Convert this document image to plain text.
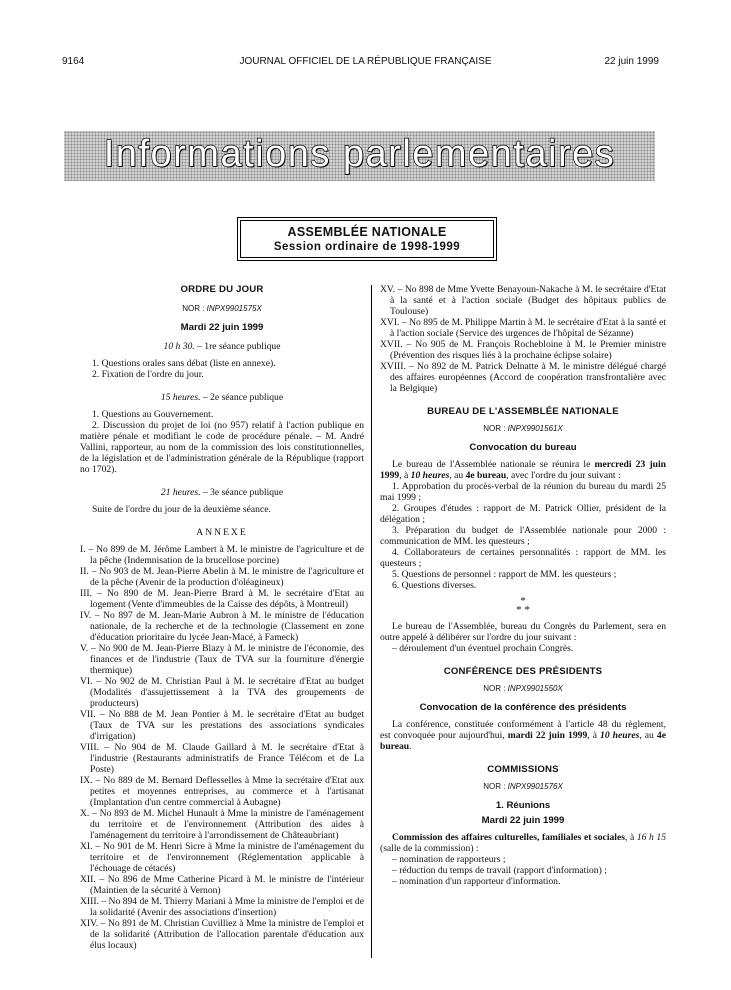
9164	JOURNAL OFFICIEL DE LA RÉPUBLIQUE FRANÇAISE	22 juin 1999
Informations parlementaires
ASSEMBLÉE NATIONALE
Session ordinaire de 1998-1999
ORDRE DU JOUR
NOR : INPX9901575X
Mardi 22 juin 1999
10 h 30. – 1re séance publique

1. Questions orales sans débat (liste en annexe).

2. Fixation de l'ordre du jour.

15 heures. – 2e séance publique

1. Questions au Gouvernement.

2. Discussion du projet de loi (no 957) relatif à l'action publique en matière pénale et modifiant le code de procédure pénale. – M. André Vallini, rapporteur, au nom de la commission des lois constitutionnelles, de la législation et de l'administration générale de la République (rapport no 1702).

21 heures. – 3e séance publique

Suite de l'ordre du jour de la deuxième séance.

ANNEXE

I. – No 899 de M. Jérôme Lambert à M. le ministre de l'agriculture et de la pêche (Indemnisation de la brucellose porcine)

II. – No 903 de M. Jean-Pierre Abelin à M. le ministre de l'agriculture et de la pêche (Avenir de la production d'oléagineux)

III. – No 890 de M. Jean-Pierre Brard à M. le secrétaire d'Etat au logement (Vente d'immeubles de la Caisse des dépôts, à Montreuil)

IV. – No 897 de M. Jean-Marie Aubron à M. le ministre de l'éducation nationale, de la recherche et de la technologie (Classement en zone d'éducation prioritaire du lycée Jean-Macé, à Fameck)

V. – No 900 de M. Jean-Pierre Blazy à M. le ministre de l'économie, des finances et de l'industrie (Taux de TVA sur la fourniture d'énergie thermique)

VI. – No 902 de M. Christian Paul à M. le secrétaire d'Etat au budget (Modalités d'assujettissement à la TVA des groupements de producteurs)

VII. – No 888 de M. Jean Pontier à M. le secrétaire d'Etat au budget (Taux de TVA sur les prestations des associations syndicales d'irrigation)

VIII. – No 904 de M. Claude Gaillard à M. le secrétaire d'Etat à l'industrie (Restaurants administratifs de France Télécom et de La Poste)

IX. – No 889 de M. Bernard Deflesselles à Mme la secrétaire d'Etat aux petites et moyennes entreprises, au commerce et à l'artisanat (Implantation d'un centre commercial à Aubagne)

X. – No 893 de M. Michel Hunault à Mme la ministre de l'aménagement du territoire et de l'environnement (Attribution des aides à l'aménagement du territoire à l'arrondissement de Châteaubriant)

XI. – No 901 de M. Henri Sicre à Mme la ministre de l'aménagement du territoire et de l'environnement (Réglementation applicable à l'échouage de cétacés)

XII. – No 896 de Mme Catherine Picard à M. le ministre de l'intérieur (Maintien de la sécurité à Vernon)

XIII. – No 894 de M. Thierry Mariani à Mme la ministre de l'emploi et de la solidarité (Avenir des associations d'insertion)

XIV. – No 891 de M. Christian Cuvilliez à Mme la ministre de l'emploi et de la solidarité (Attribution de l'allocation parentale d'éducation aux élus locaux)

XV. – No 898 de Mme Yvette Benayoun-Nakache à M. le secrétaire d'Etat à la santé et à l'action sociale (Budget des hôpitaux publics de Toulouse)

XVI. – No 895 de M. Philippe Martin à M. le secrétaire d'Etat à la santé et à l'action sociale (Service des urgences de l'hôpital de Sézanne)

XVII. – No 905 de M. François Rochebloine à M. le Premier ministre (Prévention des risques liés à la prochaine éclipse solaire)

XVIII. – No 892 de M. Patrick Delnatte à M. le ministre délégué chargé des affaires européennes (Accord de coopération transfrontalière avec la Belgique)

BUREAU DE L'ASSEMBLÉE NATIONALE
NOR : INPX9901561X
Convocation du bureau

Le bureau de l'Assemblée nationale se réunira le mercredi 23 juin 1999, à 10 heures, au 4e bureau, avec l'ordre du jour suivant :

1. Approbation du procès-verbal de la réunion du bureau du mardi 25 mai 1999 ;

2. Groupes d'études : rapport de M. Patrick Ollier, président de la délégation ;

3. Préparation du budget de l'Assemblée nationale pour 2000 : communication de MM. les questeurs ;

4. Collaborateurs de certaines personnalités : rapport de MM. les questeurs ;

5. Questions de personnel : rapport de MM. les questeurs ;

6. Questions diverses.

*
* *

Le bureau de l'Assemblée, bureau du Congrès du Parlement, sera en outre appelé à délibérer sur l'ordre du jour suivant :

– déroulement d'un éventuel prochain Congrès.

CONFÉRENCE DES PRÉSIDENTS
NOR : INPX9901550X
Convocation de la conférence des présidents

La conférence, constituée conformément à l'article 48 du règlement, est convoquée pour aujourd'hui, mardi 22 juin 1999, à 10 heures, au 4e bureau.

COMMISSIONS
NOR : INPX9901576X
1. Réunions
Mardi 22 juin 1999

Commission des affaires culturelles, familiales et sociales, à 16 h 15 (salle de la commission) :

– nomination de rapporteurs ;

– réduction du temps de travail (rapport d'information) ;

– nomination d'un rapporteur d'information.
